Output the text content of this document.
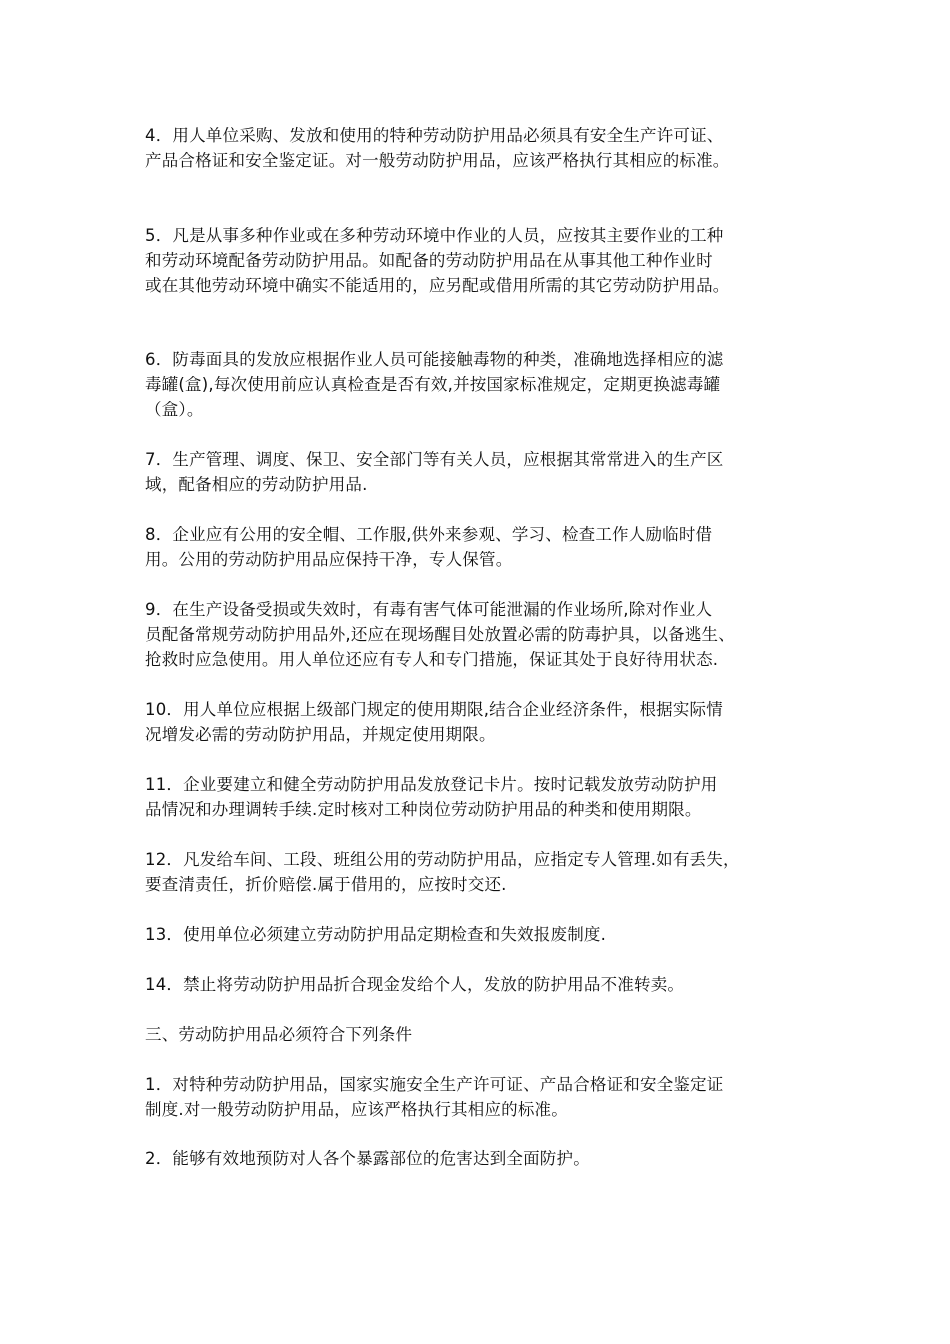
4．用人单位采购、发放和使用的特种劳动防护用品必须具有安全生产许可证、
产品合格证和安全鉴定证。对一般劳动防护用品，应该严格执行其相应的标准。
5．凡是从事多种作业或在多种劳动环境中作业的人员，应按其主要作业的工种
和劳动环境配备劳动防护用品。如配备的劳动防护用品在从事其他工种作业时
或在其他劳动环境中确实不能适用的，应另配或借用所需的其它劳动防护用品。
6．防毒面具的发放应根据作业人员可能接触毒物的种类，准确地选择相应的滤
毒罐(盒),每次使用前应认真检查是否有效,并按国家标准规定，定期更换滤毒罐
（盒）。
7．生产管理、调度、保卫、安全部门等有关人员，应根据其常常进入的生产区
域，配备相应的劳动防护用品.
8．企业应有公用的安全帽、工作服,供外来参观、学习、检查工作人励临时借
用。公用的劳动防护用品应保持干净，专人保管。
9．在生产设备受损或失效时，有毒有害气体可能泄漏的作业场所,除对作业人
员配备常规劳动防护用品外,还应在现场醒目处放置必需的防毒护具，以备逃生、
抢救时应急使用。用人单位还应有专人和专门措施，保证其处于良好待用状态.
10．用人单位应根据上级部门规定的使用期限,结合企业经济条件，根据实际情
况增发必需的劳动防护用品，并规定使用期限。
11．企业要建立和健全劳动防护用品发放登记卡片。按时记载发放劳动防护用
品情况和办理调转手续.定时核对工种岗位劳动防护用品的种类和使用期限。
12．凡发给车间、工段、班组公用的劳动防护用品，应指定专人管理.如有丢失，
要查清责任，折价赔偿.属于借用的，应按时交还.
13．使用单位必须建立劳动防护用品定期检查和失效报废制度.
14．禁止将劳动防护用品折合现金发给个人，发放的防护用品不准转卖。
三、劳动防护用品必须符合下列条件
1．对特种劳动防护用品，国家实施安全生产许可证、产品合格证和安全鉴定证
制度.对一般劳动防护用品，应该严格执行其相应的标准。
2．能够有效地预防对人各个暴露部位的危害达到全面防护。
